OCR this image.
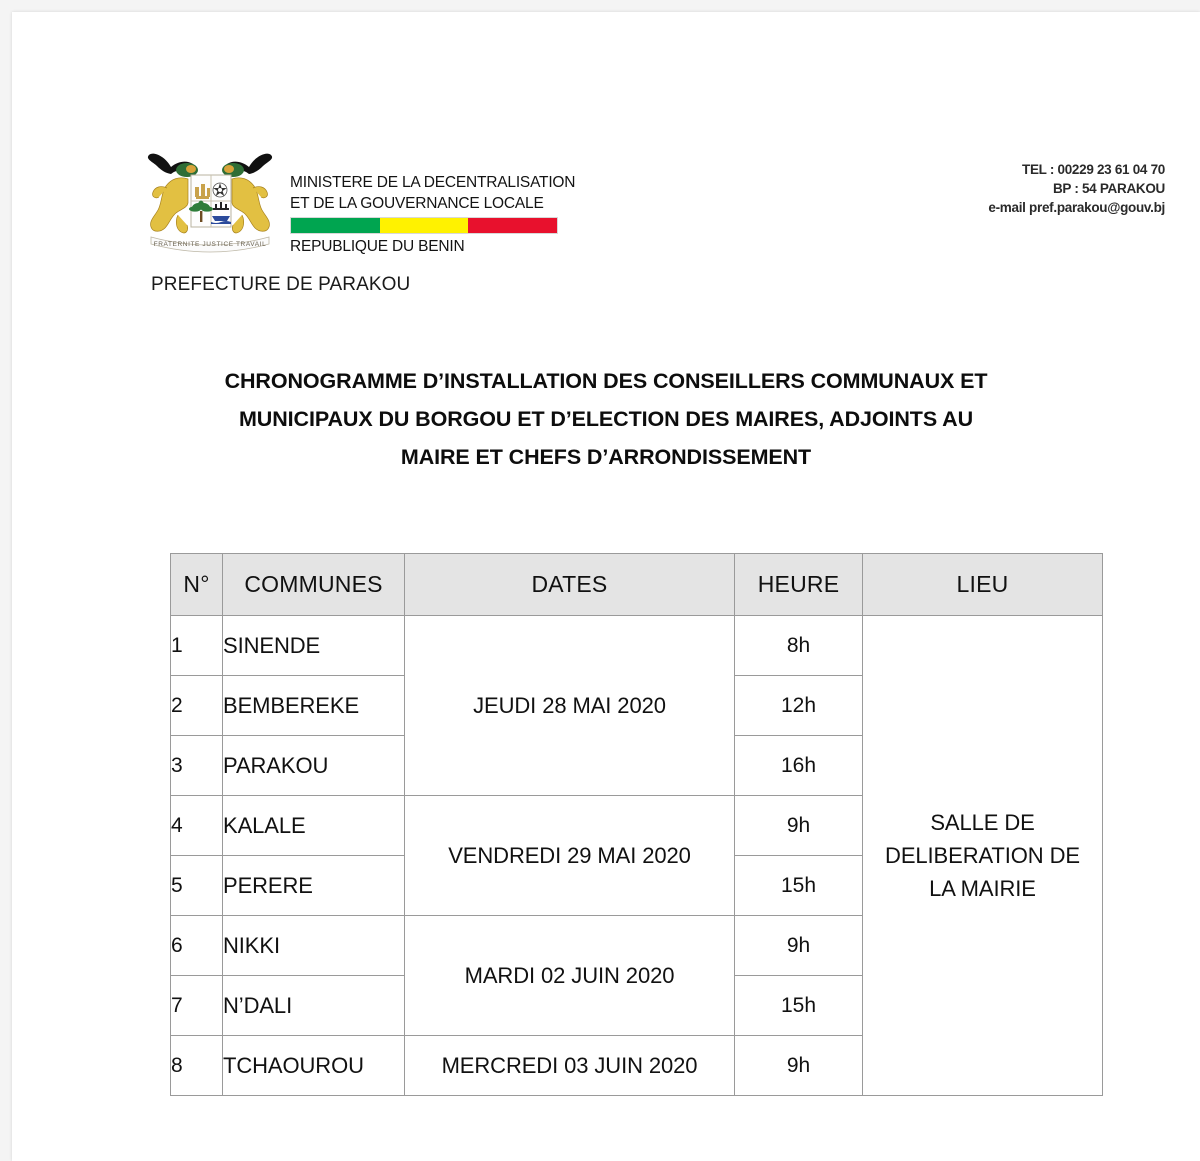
FRATERNITE JUSTICE TRAVAIL
MINISTERE DE LA DECENTRALISATION
ET DE LA GOUVERNANCE LOCALE
REPUBLIQUE DU BENIN
TEL : 00229 23 61 04 70
BP : 54 PARAKOU
e-mail pref.parakou@gouv.bj
PREFECTURE DE PARAKOU
CHRONOGRAMME D’INSTALLATION DES CONSEILLERS COMMUNAUX ET
MUNICIPAUX DU BORGOU ET D’ELECTION DES MAIRES, ADJOINTS AU
MAIRE ET CHEFS D’ARRONDISSEMENT
N°	COMMUNES	DATES	HEURE	LIEU
1	SINENDE	JEUDI 28 MAI 2020	8h	SALLE DE
DELIBERATION DE
LA MAIRIE

2	BEMBEREKE		12h	
3	PARAKOU		16h	
4	KALALE	VENDREDI 29 MAI 2020	9h	
5	PERERE		15h	
6	NIKKI	MARDI 02 JUIN 2020	9h	
7	N’DALI		15h	
8	TCHAOUROU	MERCREDI 03 JUIN 2020	9h	
